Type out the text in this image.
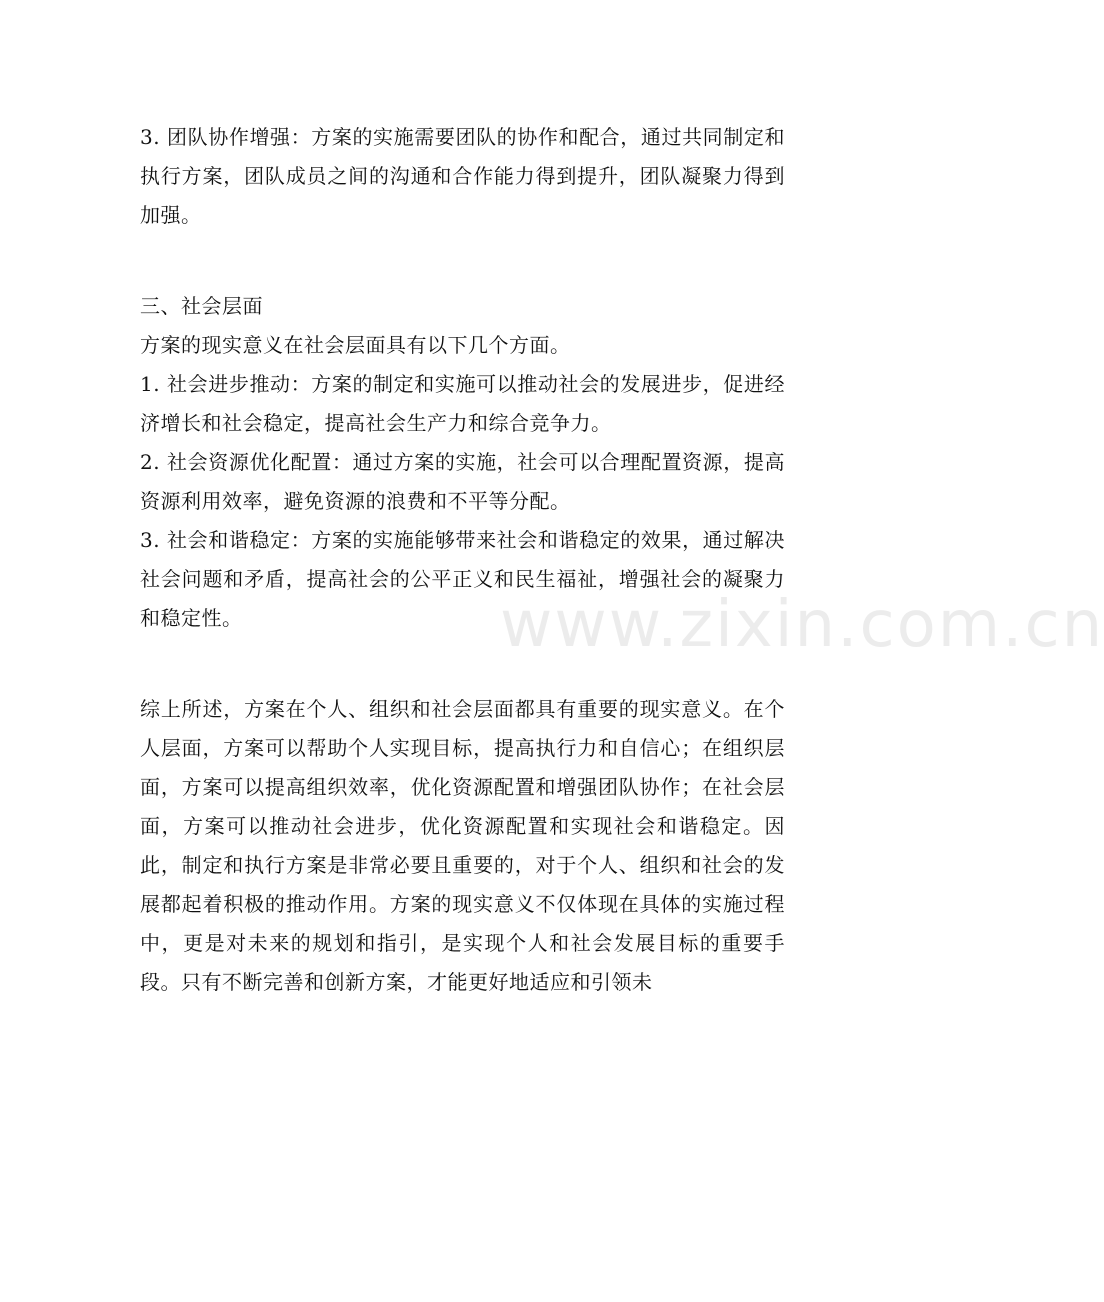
3. 团队协作增强：方案的实施需要团队的协作和配合，通过共同制定和执行方案，团队成员之间的沟通和合作能力得到提升，团队凝聚力得到加强。

三、社会层面

方案的现实意义在社会层面具有以下几个方面。

1. 社会进步推动：方案的制定和实施可以推动社会的发展进步，促进经济增长和社会稳定，提高社会生产力和综合竞争力。

2. 社会资源优化配置：通过方案的实施，社会可以合理配置资源，提高资源利用效率，避免资源的浪费和不平等分配。

3. 社会和谐稳定：方案的实施能够带来社会和谐稳定的效果，通过解决社会问题和矛盾，提高社会的公平正义和民生福祉，增强社会的凝聚力和稳定性。

综上所述，方案在个人、组织和社会层面都具有重要的现实意义。在个人层面，方案可以帮助个人实现目标，提高执行力和自信心；在组织层面，方案可以提高组织效率，优化资源配置和增强团队协作；在社会层面，方案可以推动社会进步，优化资源配置和实现社会和谐稳定。因此，制定和执行方案是非常必要且重要的，对于个人、组织和社会的发展都起着积极的推动作用。方案的现实意义不仅体现在具体的实施过程中，更是对未来的规划和指引，是实现个人和社会发展目标的重要手段。只有不断完善和创新方案，才能更好地适应和引领未

www.zixin.com.cn
